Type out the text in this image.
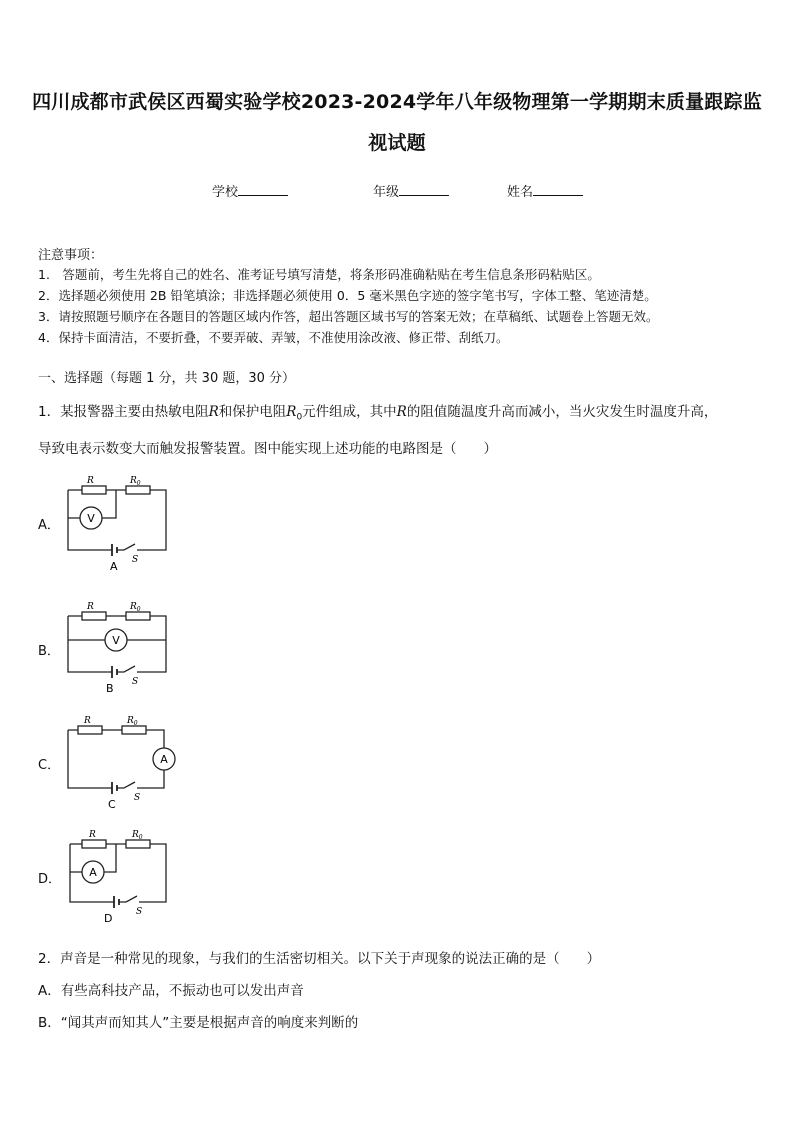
四川成都市武侯区西蜀实验学校2023-2024学年八年级物理第一学期期末质量跟踪监
视试题
学校	年级	姓名
注意事项：
1.　答题前，考生先将自己的姓名、准考证号填写清楚，将条形码准确粘贴在考生信息条形码粘贴区。
2．选择题必须使用 2B 铅笔填涂；非选择题必须使用 0．5 毫米黑色字迹的签字笔书写，字体工整、笔迹清楚。
3．请按照题号顺序在各题目的答题区域内作答，超出答题区域书写的答案无效；在草稿纸、试题卷上答题无效。
4．保持卡面清洁，不要折叠，不要弄破、弄皱，不准使用涂改液、修正带、刮纸刀。
一、选择题（每题 1 分，共 30 题，30 分）
1．某报警器主要由热敏电阻R和保护电阻$R_0$元件组成，其中R的阻值随温度升高而减小，当火灾发生时温度升高，
导致电表示数变大而触发报警装置。图中能实现上述功能的电路图是（　　）
A．
R	$R_0$
V
S
A
B．
R	$R_0$
V
S
B
C．
R	$R_0$
A
S
C
D．
R	$R_0$
A
S
D
2．声音是一种常见的现象，与我们的生活密切相关。以下关于声现象的说法正确的是（　　）
A．有些高科技产品，不振动也可以发出声音
B．“闻其声而知其人”主要是根据声音的响度来判断的
